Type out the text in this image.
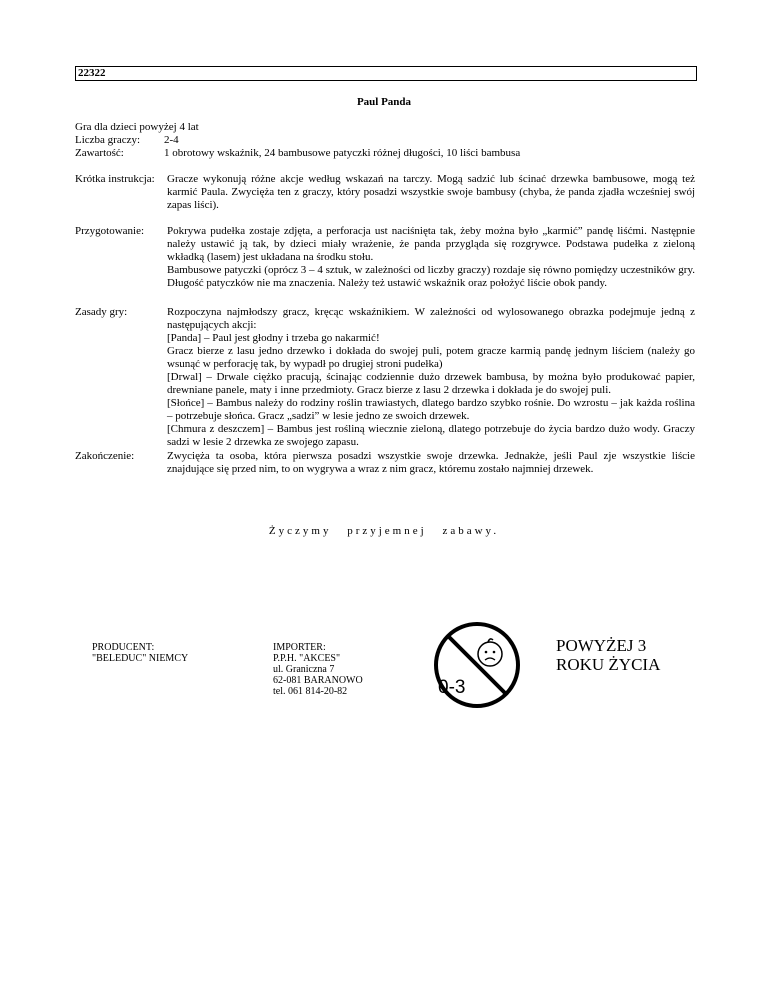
22322
Paul Panda
Gra dla dzieci powyżej 4 lat
Liczba graczy: 2-4
Zawartość:	1 obrotowy wskaźnik, 24 bambusowe patyczki różnej długości, 10 liści bambusa
Krótka instrukcja: Gracze wykonują różne akcje według wskazań na tarczy. Mogą sadzić lub ścinać drzewka bambusowe, mogą też karmić Paula. Zwycięża ten z graczy, który posadzi wszystkie swoje bambusy (chyba, że panda zjadła wcześniej swój zapas liści).

Przygotowanie:	Pokrywa pudełka zostaje zdjęta, a perforacja ust naciśnięta tak, żeby można było „karmić” pandę liśćmi. Następnie należy ustawić ją tak, by dzieci miały wrażenie, że panda przygląda się rozgrywce. Podstawa pudełka z zieloną wkładką (lasem) jest układana na środku stołu.

Bambusowe patyczki (oprócz 3 – 4 sztuk, w zależności od liczby graczy) rozdaje się równo pomiędzy uczestników gry. Długość patyczków nie ma znaczenia. Należy też ustawić wskaźnik oraz położyć liście obok pandy.

Zasady gry:	Rozpoczyna najmłodszy gracz, kręcąc wskaźnikiem. W zależności od wylosowanego obrazka podejmuje jedną z następujących akcji:

[Panda] – Paul jest głodny i trzeba go nakarmić!

Gracz bierze z lasu jedno drzewko i dokłada do swojej puli, potem gracze karmią pandę jednym liściem (należy go wsunąć w perforację tak, by wypadł po drugiej stroni pudełka)

[Drwal] – Drwale ciężko pracują, ścinając codziennie dużo drzewek bambusa, by można było produkować papier, drewniane panele, maty i inne przedmioty. Gracz bierze z lasu 2 drzewka i dokłada je do swojej puli.

[Słońce] – Bambus należy do rodziny roślin trawiastych, dlatego bardzo szybko rośnie. Do wzrostu – jak każda roślina – potrzebuje słońca. Gracz „sadzi” w lesie jedno ze swoich drzewek.

[Chmura z deszczem] – Bambus jest rośliną wiecznie zieloną, dlatego potrzebuje do życia bardzo dużo wody. Graczy sadzi w lesie 2 drzewka ze swojego zapasu.

Zakończenie:	Zwycięża ta osoba, która pierwsza posadzi wszystkie swoje drzewka. Jednakże, jeśli Paul zje wszystkie liście znajdujące się przed nim, to on wygrywa a wraz z nim gracz, któremu zostało najmniej drzewek.

Życzymy przyjemnej zabawy.
PRODUCENT:
"BELEDUC" NIEMCY
IMPORTER:
P.P.H. "AKCES"
ul. Graniczna 7
62-081 BARANOWO
tel. 061 814-20-82	0-3
POWYŻEJ 3
ROKU ŻYCIA
